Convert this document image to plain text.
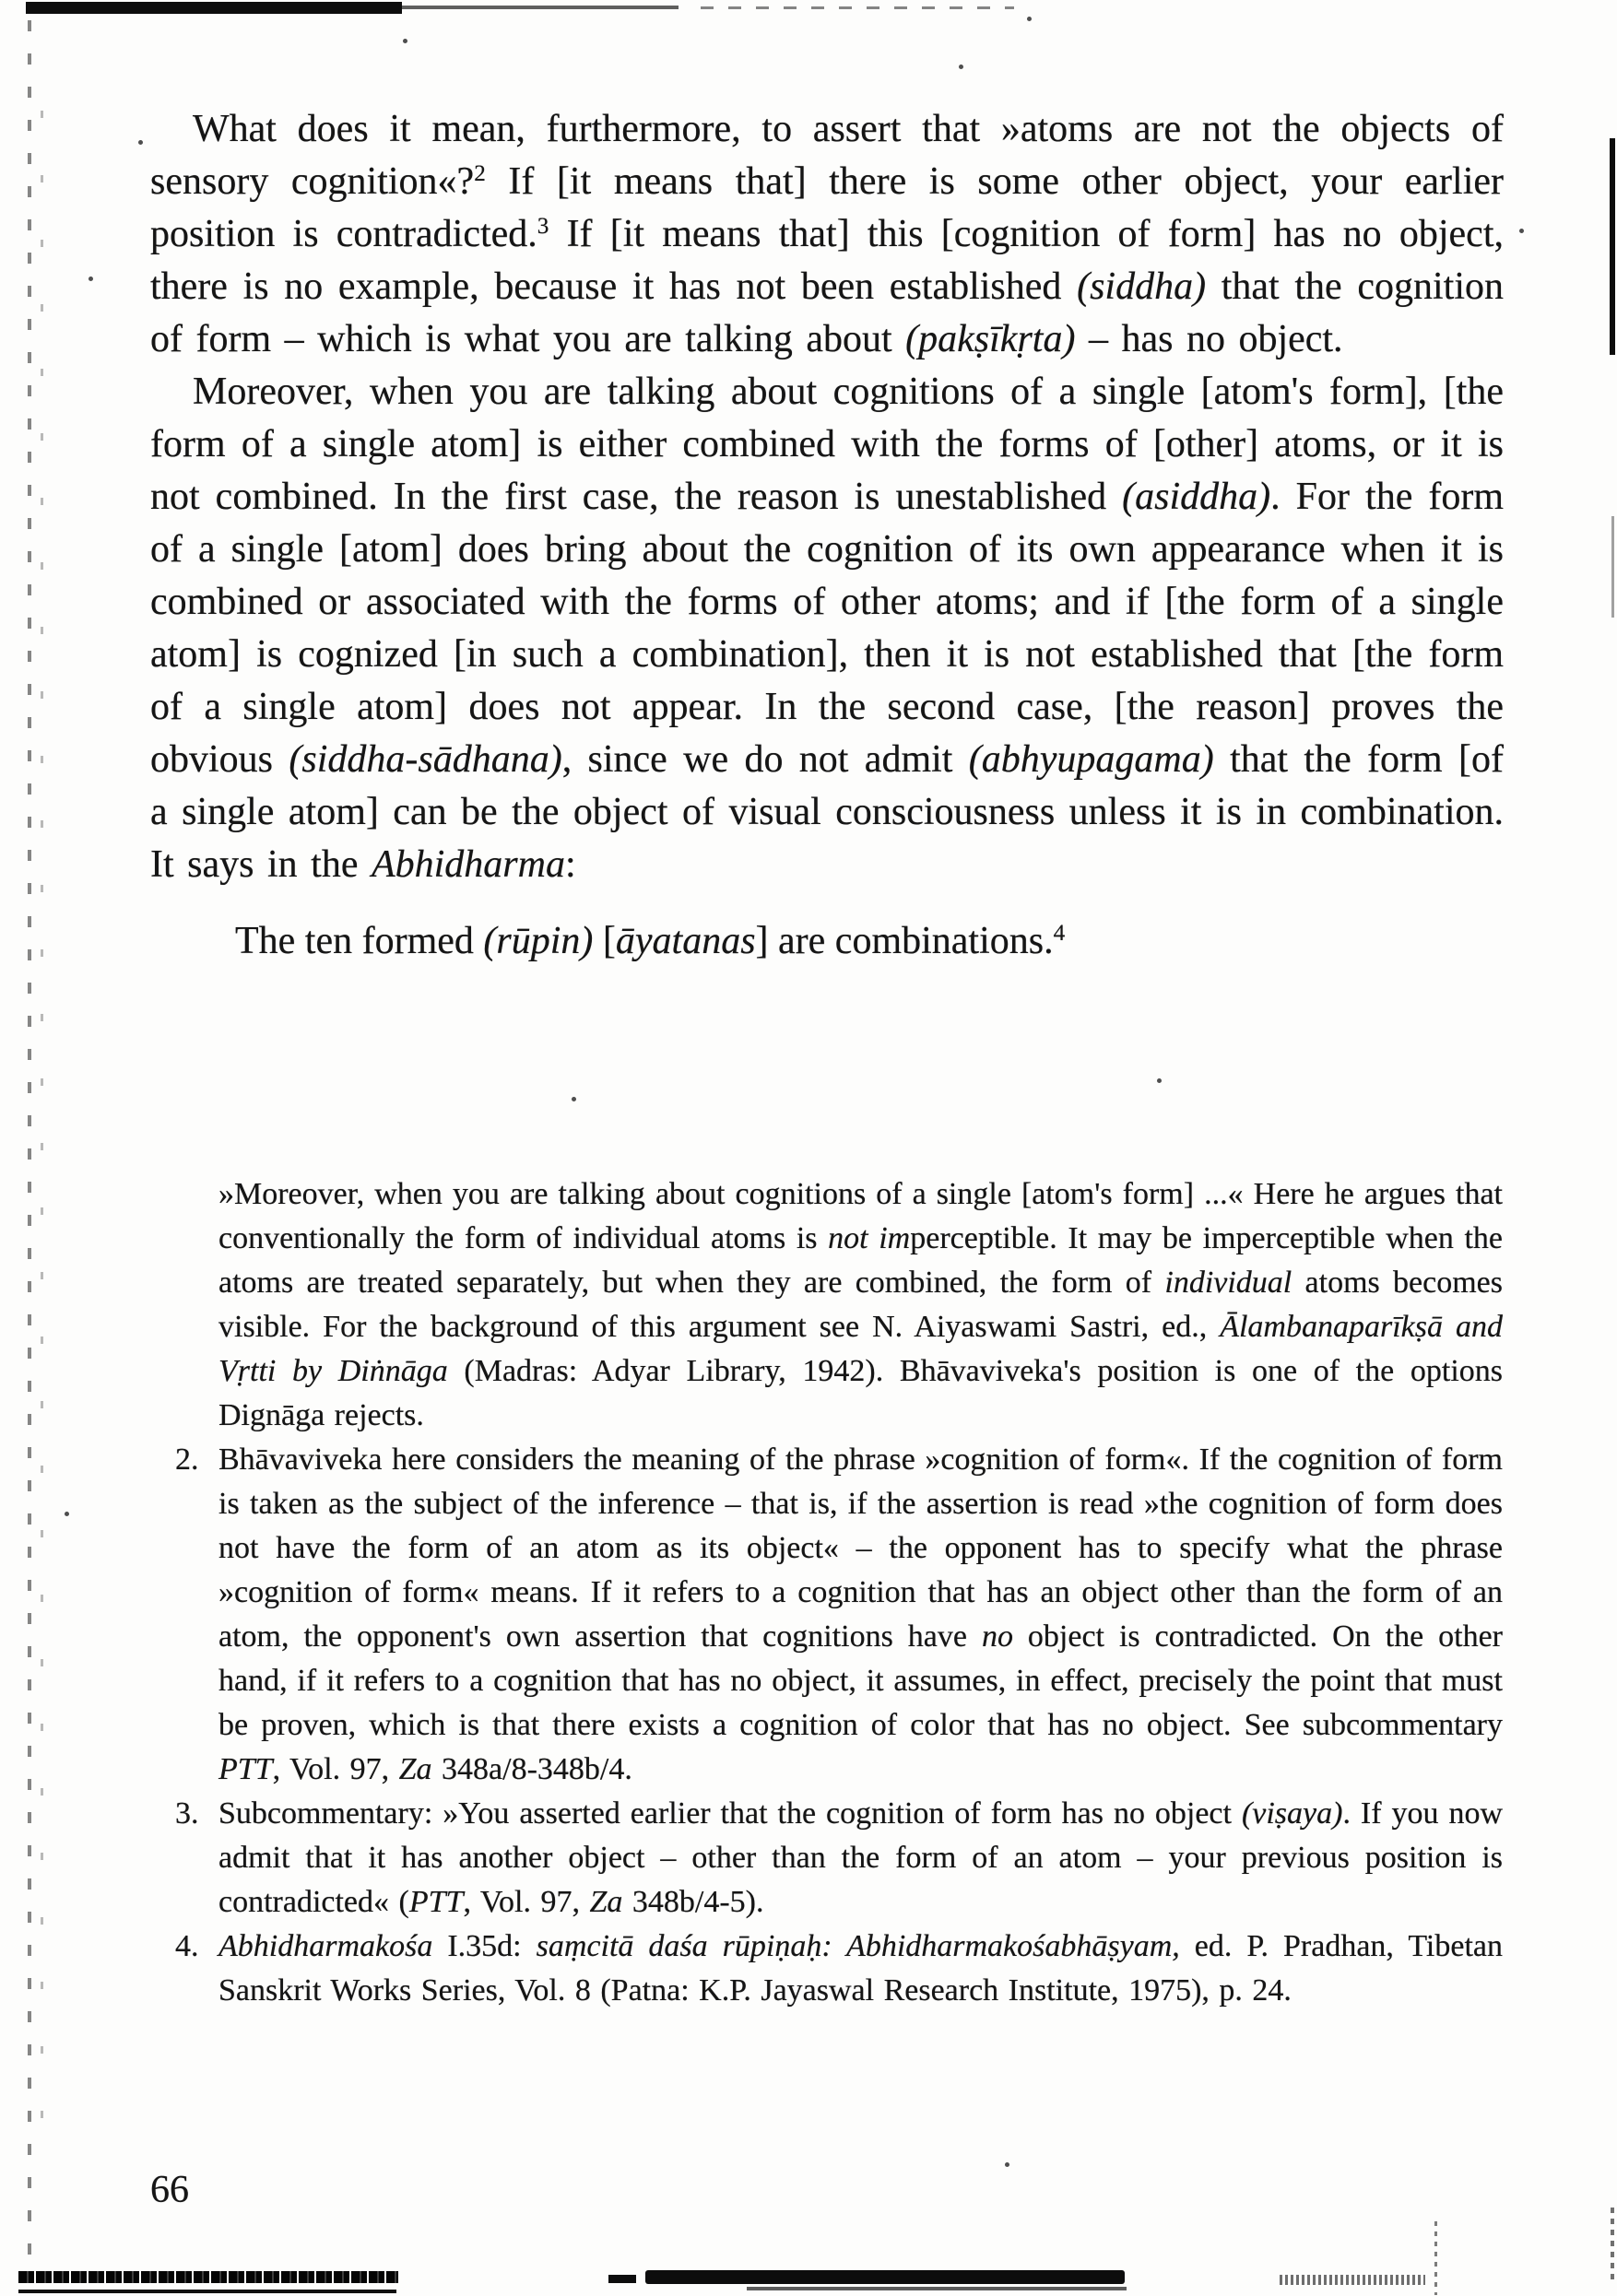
What does it mean, furthermore, to assert that »atoms are not the objects of sensory cognition«?$^2$ If [it means that] there is some other object, your earlier position is contradicted.$^3$ If [it means that] this [cognition of form] has no object, there is no example, because it has not been established (siddha) that the cognition of form – which is what you are talking about (pakṣīkṛta) – has no object.

Moreover, when you are talking about cognitions of a single [atom's form], [the form of a single atom] is either combined with the forms of [other] atoms, or it is not combined. In the first case, the reason is unestablished (asiddha). For the form of a single [atom] does bring about the cognition of its own appearance when it is combined or associated with the forms of other atoms; and if [the form of a single atom] is cognized [in such a combination], then it is not established that [the form of a single atom] does not appear. In the second case, [the reason] proves the obvious (siddha-sādhana), since we do not admit (abhyupagama) that the form [of a single atom] can be the object of visual consciousness unless it is in combination. It says in the Abhidharma:

The ten formed (rūpin) [āyatanas] are combinations.$^4$

»Moreover, when you are talking about cognitions of a single [atom's form] ...« Here he argues that conventionally the form of individual atoms is not imperceptible. It may be imperceptible when the atoms are treated separately, but when they are combined, the form of individual atoms becomes visible. For the background of this argument see N. Aiyaswami Sastri, ed., Ālambanaparīkṣā and Vṛtti by Diṅnāga (Madras: Adyar Library, 1942). Bhāvaviveka's position is one of the options Dignāga rejects.
2. Bhāvaviveka here considers the meaning of the phrase »cognition of form«. If the cognition of form is taken as the subject of the inference – that is, if the assertion is read »the cognition of form does not have the form of an atom as its object« – the opponent has to specify what the phrase »cognition of form« means. If it refers to a cognition that has an object other than the form of an atom, the opponent's own assertion that cognitions have no object is contradicted. On the other hand, if it refers to a cognition that has no object, it assumes, in effect, precisely the point that must be proven, which is that there exists a cognition of color that has no object. See subcommentary PTT, Vol. 97, Za 348a/8-348b/4.
3. Subcommentary: »You asserted earlier that the cognition of form has no object (viṣaya). If you now admit that it has another object – other than the form of an atom – your previous position is contradicted« (PTT, Vol. 97, Za 348b/4-5).
4. Abhidharmakośa I.35d: saṃcitā daśa rūpiṇaḥ: Abhidharmakośabhāṣyam, ed. P. Pradhan, Tibetan Sanskrit Works Series, Vol. 8 (Patna: K.P. Jayaswal Research Institute, 1975), p. 24.
66
